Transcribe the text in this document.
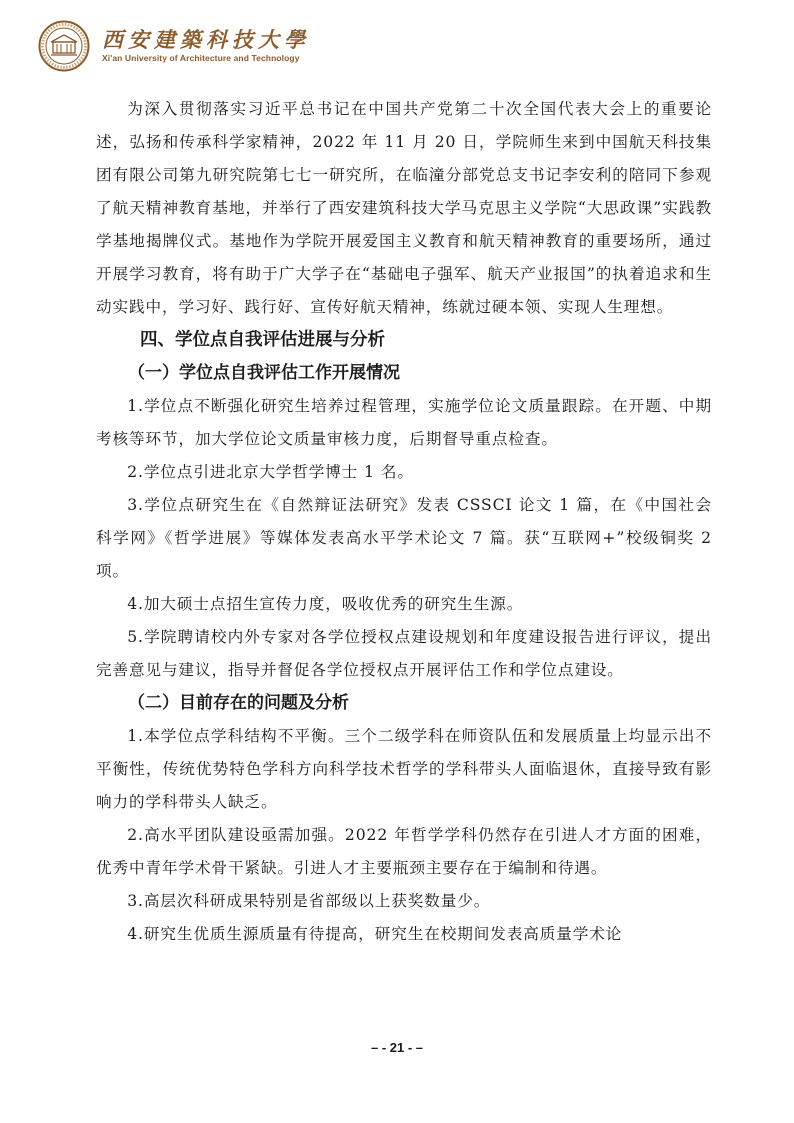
西安建築科技大學
Xi'an University of Architecture and Technology

为深入贯彻落实习近平总书记在中国共产党第二十次全国代表大会上的重要论述，弘扬和传承科学家精神，2022 年 11 月 20 日，学院师生来到中国航天科技集团有限公司第九研究院第七七一研究所，在临潼分部党总支书记李安利的陪同下参观了航天精神教育基地，并举行了西安建筑科技大学马克思主义学院“大思政课”实践教学基地揭牌仪式。基地作为学院开展爱国主义教育和航天精神教育的重要场所，通过开展学习教育，将有助于广大学子在“基础电子强军、航天产业报国”的执着追求和生动实践中，学习好、践行好、宣传好航天精神，练就过硬本领、实现人生理想。

四、学位点自我评估进展与分析

（一）学位点自我评估工作开展情况

1.学位点不断强化研究生培养过程管理，实施学位论文质量跟踪。在开题、中期考核等环节，加大学位论文质量审核力度，后期督导重点检查。

2.学位点引进北京大学哲学博士 1 名。

3.学位点研究生在《自然辩证法研究》发表 CSSCI 论文 1 篇，在《中国社会科学网》《哲学进展》等媒体发表高水平学术论文 7 篇。获“互联网+”校级铜奖 2 项。

4.加大硕士点招生宣传力度，吸收优秀的研究生生源。

5.学院聘请校内外专家对各学位授权点建设规划和年度建设报告进行评议，提出完善意见与建议，指导并督促各学位授权点开展评估工作和学位点建设。

（二）目前存在的问题及分析

1.本学位点学科结构不平衡。三个二级学科在师资队伍和发展质量上均显示出不平衡性，传统优势特色学科方向科学技术哲学的学科带头人面临退休，直接导致有影响力的学科带头人缺乏。

2.高水平团队建设亟需加强。2022 年哲学学科仍然存在引进人才方面的困难，优秀中青年学术骨干紧缺。引进人才主要瓶颈主要存在于编制和待遇。

3.高层次科研成果特别是省部级以上获奖数量少。

4.研究生优质生源质量有待提高，研究生在校期间发表高质量学术论

– - 21 - –
